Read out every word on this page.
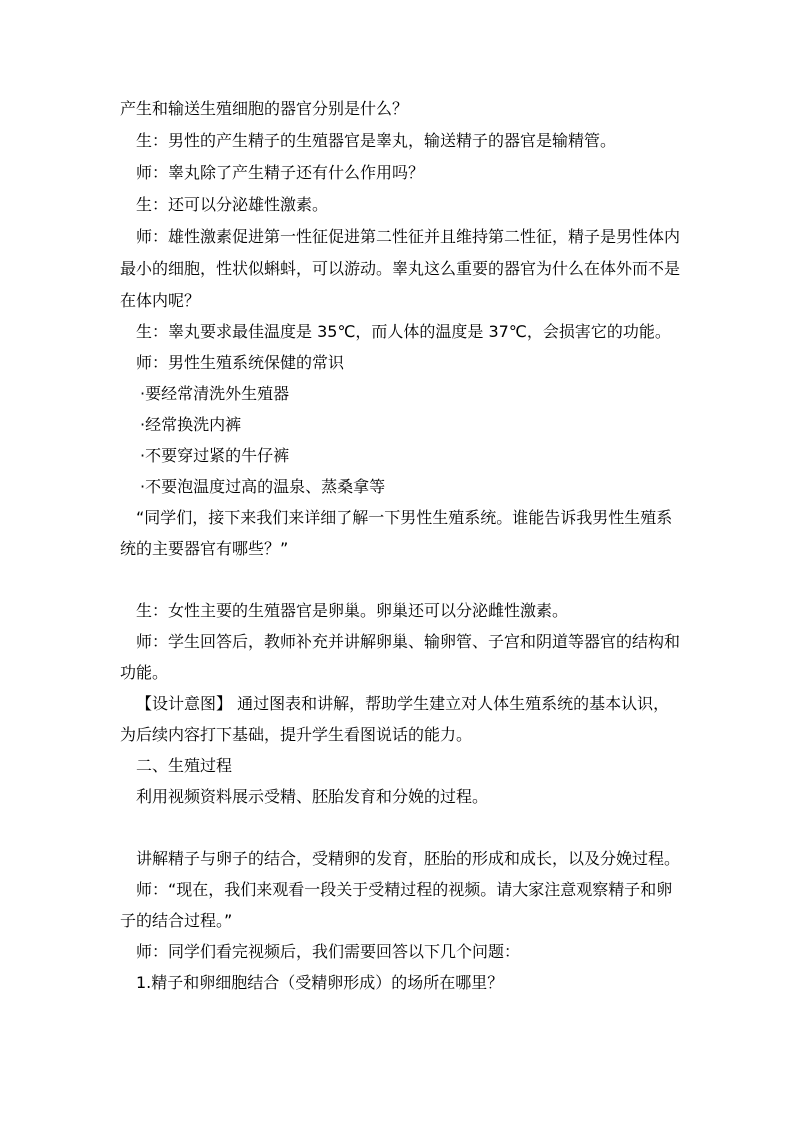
产生和输送生殖细胞的器官分别是什么？
生：男性的产生精子的生殖器官是睾丸，输送精子的器官是输精管。
师：睾丸除了产生精子还有什么作用吗？
生：还可以分泌雄性激素。
师：雄性激素促进第一性征促进第二性征并且维持第二性征，精子是男性体内
最小的细胞，性状似蝌蚪，可以游动。睾丸这么重要的器官为什么在体外而不是
在体内呢？
生：睾丸要求最佳温度是 35℃，而人体的温度是 37℃，会损害它的功能。
师：男性生殖系统保健的常识
·要经常清洗外生殖器
·经常换洗内裤
·不要穿过紧的牛仔裤
·不要泡温度过高的温泉、蒸桑拿等
“同学们，接下来我们来详细了解一下男性生殖系统。谁能告诉我男性生殖系
统的主要器官有哪些？”
生：女性主要的生殖器官是卵巢。卵巢还可以分泌雌性激素。
师：学生回答后，教师补充并讲解卵巢、输卵管、子宫和阴道等器官的结构和
功能。
【设计意图】 通过图表和讲解，帮助学生建立对人体生殖系统的基本认识，
为后续内容打下基础，提升学生看图说话的能力。
二、生殖过程
利用视频资料展示受精、胚胎发育和分娩的过程。
讲解精子与卵子的结合，受精卵的发育，胚胎的形成和成长，以及分娩过程。
师：“现在，我们来观看一段关于受精过程的视频。请大家注意观察精子和卵
子的结合过程。”
师：同学们看完视频后，我们需要回答以下几个问题：
1.精子和卵细胞结合（受精卵形成）的场所在哪里？
